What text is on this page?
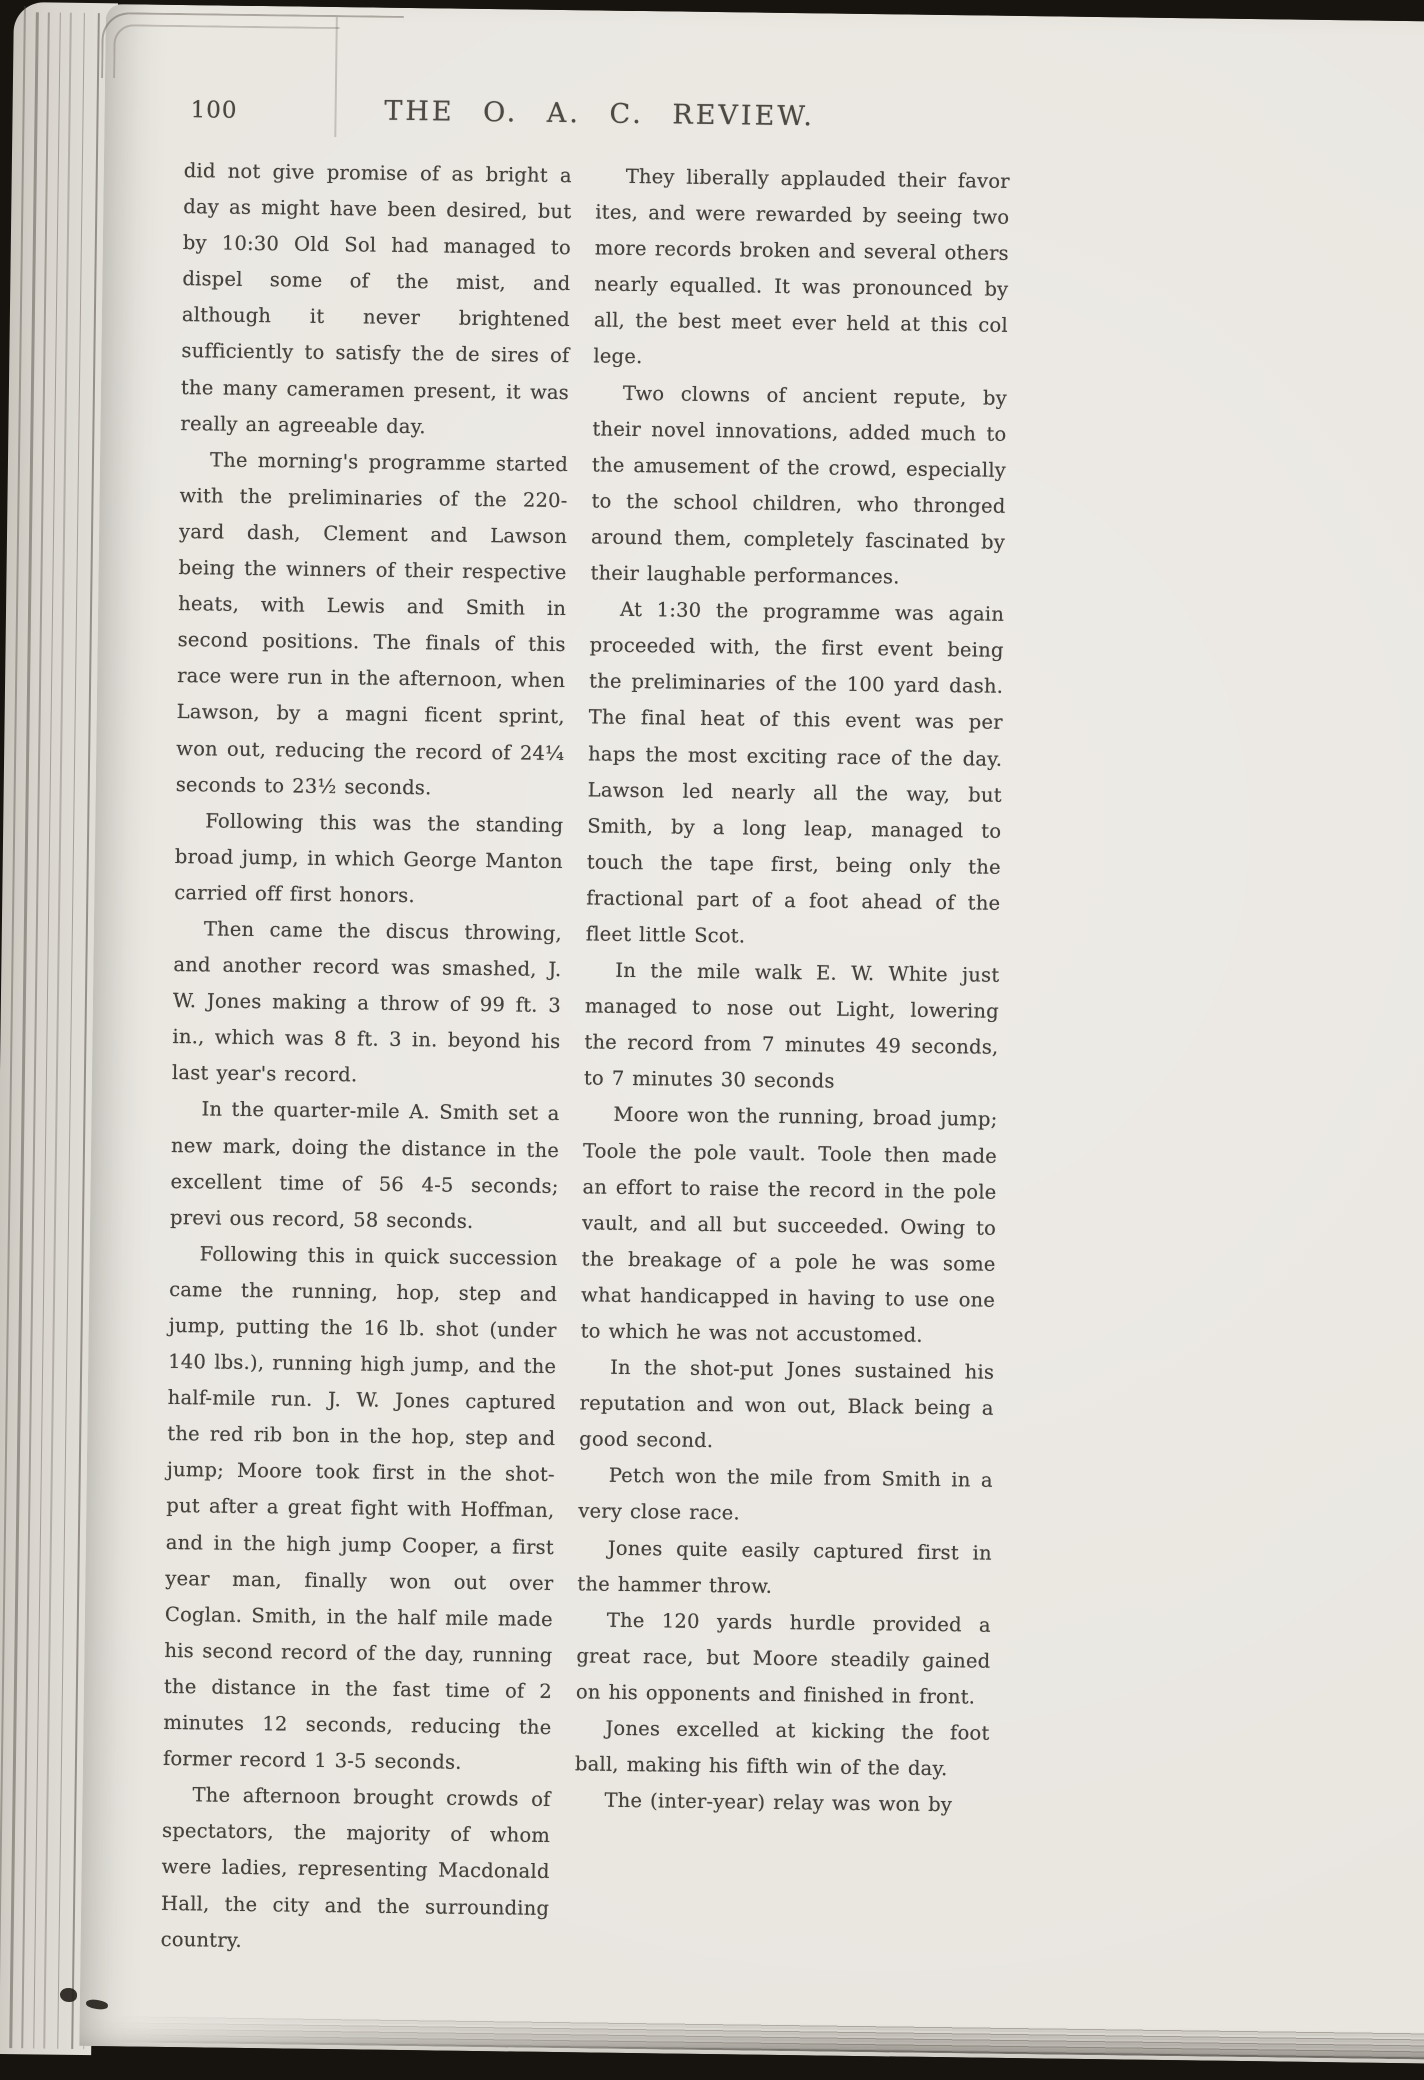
100	THE O. A. C. REVIEW.

did not give promise of as bright a day as might have been desired, but by 10:30 Old Sol had managed to dispel some of the mist, and although it never brightened sufficiently to satisfy the de sires of the many cameramen present, it was really an agreeable day.

The morning's programme started with the preliminaries of the 220-yard dash, Clement and Lawson being the winners of their respective heats, with Lewis and Smith in second positions. The finals of this race were run in the afternoon, when Lawson, by a magni ficent sprint, won out, reducing the record of 24¼ seconds to 23½ seconds.

Following this was the standing broad jump, in which George Manton carried off first honors.

Then came the discus throwing, and another record was smashed, J. W. Jones making a throw of 99 ft. 3 in., which was 8 ft. 3 in. beyond his last year's record.

In the quarter-mile A. Smith set a new mark, doing the distance in the excellent time of 56 4-5 seconds; previ ous record, 58 seconds.

Following this in quick succession came the running, hop, step and jump, putting the 16 lb. shot (under 140 lbs.), running high jump, and the half-mile run. J. W. Jones captured the red rib bon in the hop, step and jump; Moore took first in the shot-put after a great fight with Hoffman, and in the high jump Cooper, a first year man, finally won out over Coglan. Smith, in the half mile made his second record of the day, running the distance in the fast time of 2 minutes 12 seconds, reducing the former record 1 3-5 seconds.

The afternoon brought crowds of spectators, the majority of whom were ladies, representing Macdonald Hall, the city and the surrounding country.

They liberally applauded their favor ites, and were rewarded by seeing two more records broken and several others nearly equalled. It was pronounced by all, the best meet ever held at this col lege.

Two clowns of ancient repute, by their novel innovations, added much to the amusement of the crowd, especially to the school children, who thronged around them, completely fascinated by their laughable performances.

At 1:30 the programme was again proceeded with, the first event being the preliminaries of the 100 yard dash. The final heat of this event was per haps the most exciting race of the day. Lawson led nearly all the way, but Smith, by a long leap, managed to touch the tape first, being only the fractional part of a foot ahead of the fleet little Scot.

In the mile walk E. W. White just managed to nose out Light, lowering the record from 7 minutes 49 seconds, to 7 minutes 30 seconds

Moore won the running, broad jump; Toole the pole vault. Toole then made an effort to raise the record in the pole vault, and all but succeeded. Owing to the breakage of a pole he was some what handicapped in having to use one to which he was not accustomed.

In the shot-put Jones sustained his reputation and won out, Black being a good second.

Petch won the mile from Smith in a very close race.

Jones quite easily captured first in the hammer throw.

The 120 yards hurdle provided a great race, but Moore steadily gained on his opponents and finished in front.

Jones excelled at kicking the foot ball, making his fifth win of the day.

The (inter-year) relay was won by
